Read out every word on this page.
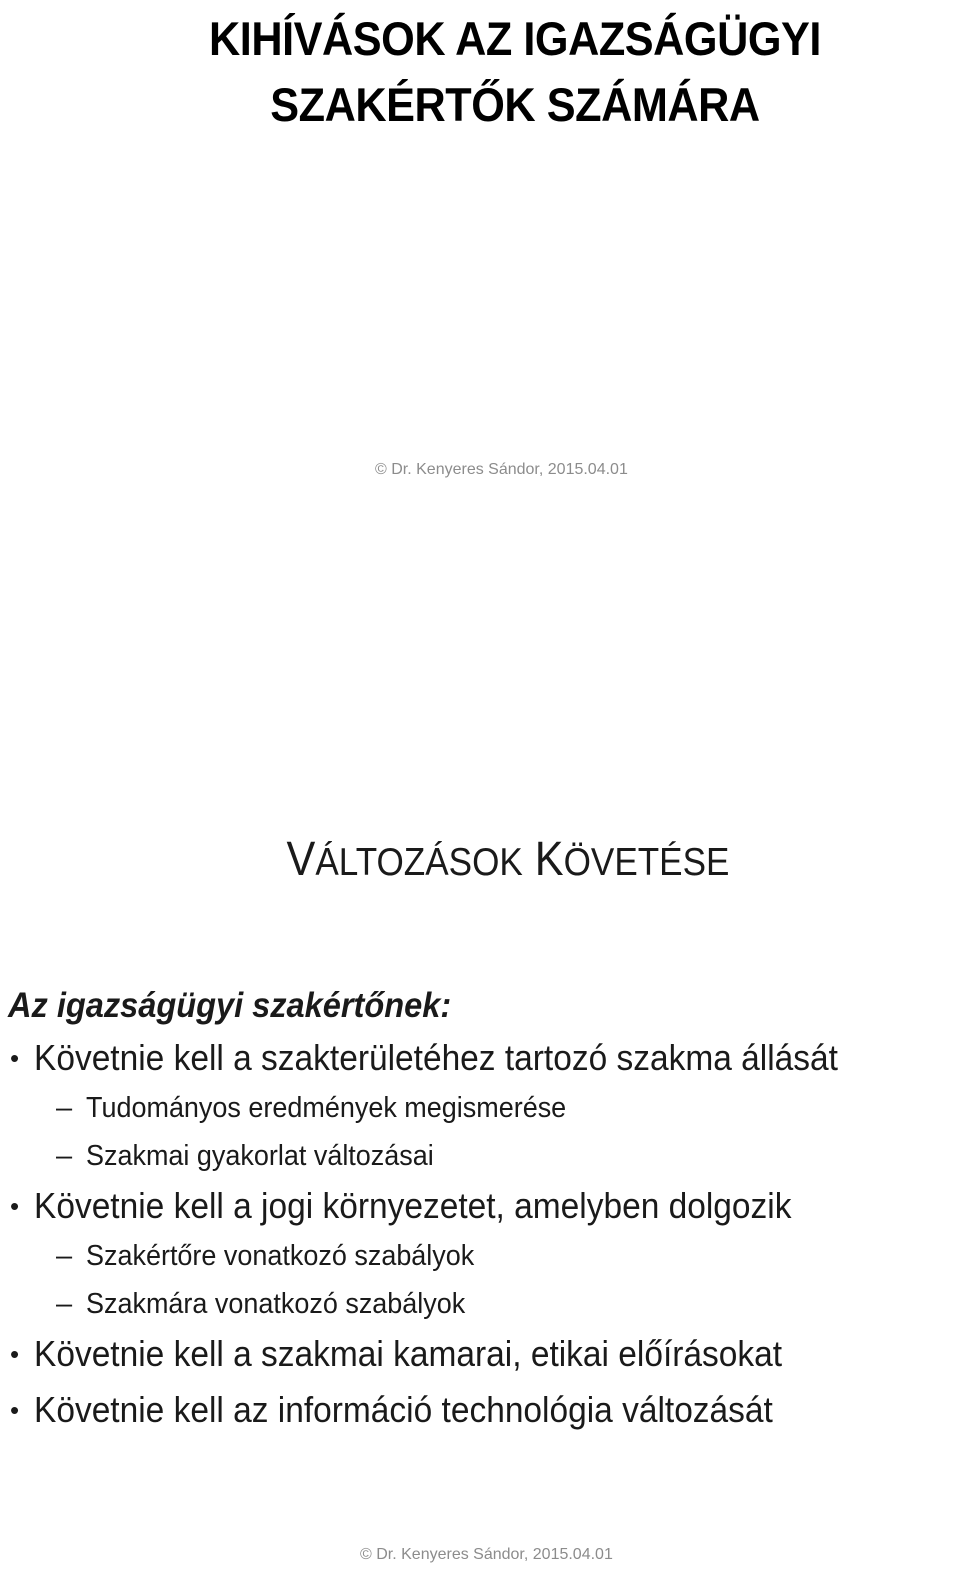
KIHÍVÁSOK AZ IGAZSÁGÜGYI
SZAKÉRTŐK SZÁMÁRA
© Dr. Kenyeres Sándor, 2015.04.01
VÁLTOZÁSOK KÖVETÉSE
Az igazságügyi szakértőnek:
• Követnie kell a szakterületéhez tartozó szakma állását
– Tudományos eredmények megismerése
– Szakmai gyakorlat változásai
• Követnie kell a jogi környezetet, amelyben dolgozik
– Szakértőre vonatkozó szabályok
– Szakmára vonatkozó szabályok
• Követnie kell a szakmai kamarai, etikai előírásokat
• Követnie kell az információ technológia változását
© Dr. Kenyeres Sándor, 2015.04.01
